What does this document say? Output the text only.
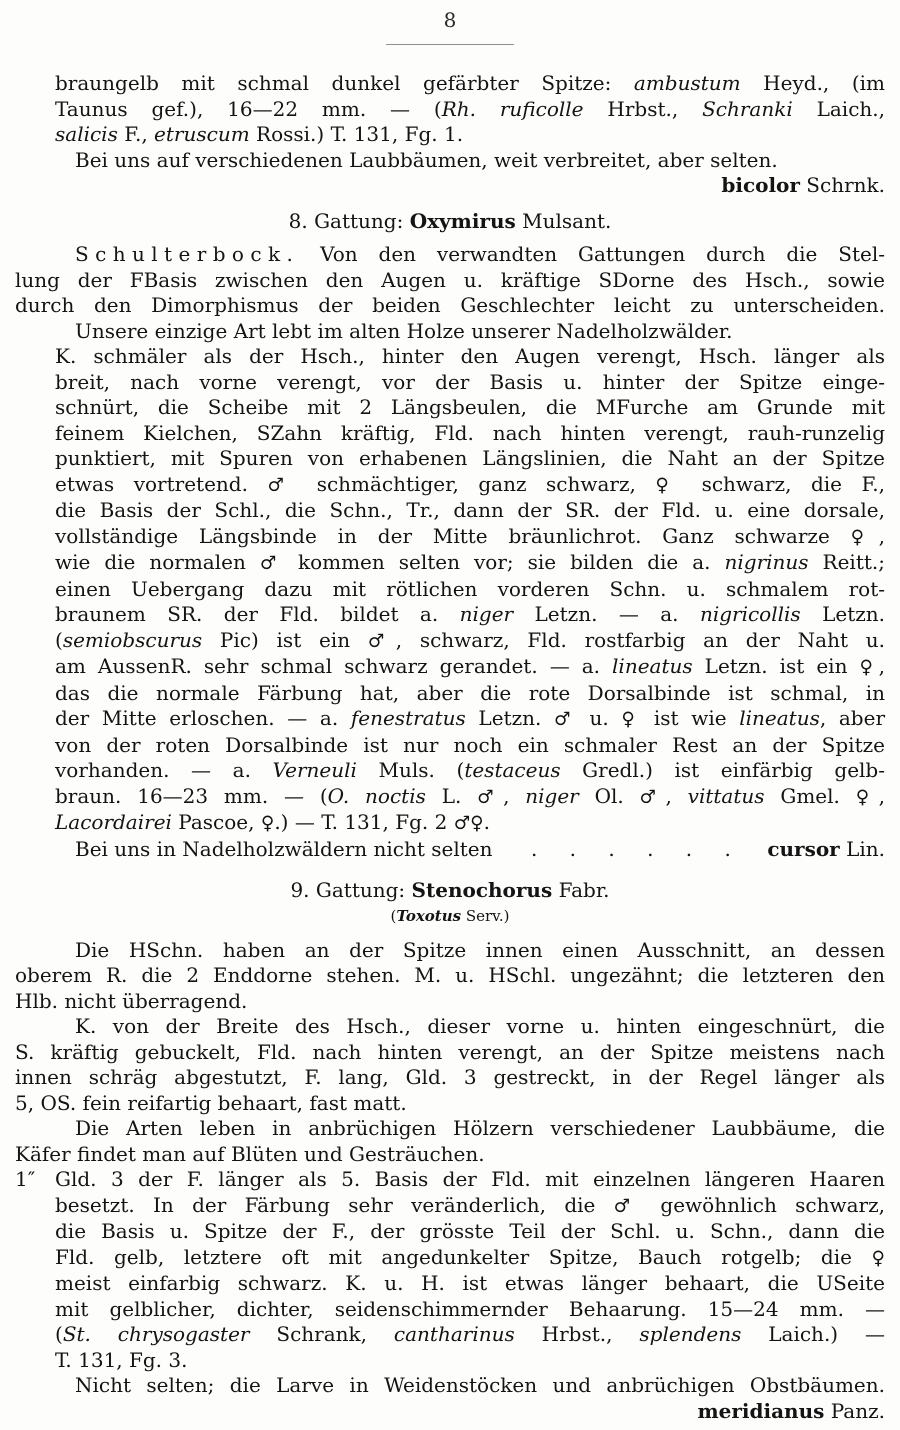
8
braungelb mit schmal dunkel gefärbter Spitze: ambustum Heyd., (im
Taunus gef.), 16—22 mm. — (Rh. ruficolle Hrbst., Schranki Laich.,
salicis F., etruscum Rossi.) T. 131, Fg. 1.
Bei uns auf verschiedenen Laubbäumen, weit verbreitet, aber selten.
bicolor Schrnk.
8. Gattung: Oxymirus Mulsant.
Schulterbock. Von den verwandten Gattungen durch die Stel-
lung der FBasis zwischen den Augen u. kräftige SDorne des Hsch., sowie
durch den Dimorphismus der beiden Geschlechter leicht zu unterscheiden.
Unsere einzige Art lebt im alten Holze unserer Nadelholzwälder.
K. schmäler als der Hsch., hinter den Augen verengt, Hsch. länger als
breit, nach vorne verengt, vor der Basis u. hinter der Spitze einge-
schnürt, die Scheibe mit 2 Längsbeulen, die MFurche am Grunde mit
feinem Kielchen, SZahn kräftig, Fld. nach hinten verengt, rauh-runzelig
punktiert, mit Spuren von erhabenen Längslinien, die Naht an der Spitze
etwas vortretend. ♂ schmächtiger, ganz schwarz, ♀ schwarz, die F.,
die Basis der Schl., die Schn., Tr., dann der SR. der Fld. u. eine dorsale,
vollständige Längsbinde in der Mitte bräunlichrot. Ganz schwarze ♀,
wie die normalen ♂ kommen selten vor; sie bilden die a. nigrinus Reitt.;
einen Uebergang dazu mit rötlichen vorderen Schn. u. schmalem rot-
braunem SR. der Fld. bildet a. niger Letzn. — a. nigricollis Letzn.
(semiobscurus Pic) ist ein ♂, schwarz, Fld. rostfarbig an der Naht u.
am AussenR. sehr schmal schwarz gerandet. — a. lineatus Letzn. ist ein ♀,
das die normale Färbung hat, aber die rote Dorsalbinde ist schmal, in
der Mitte erloschen. — a. fenestratus Letzn. ♂ u. ♀ ist wie lineatus, aber
von der roten Dorsalbinde ist nur noch ein schmaler Rest an der Spitze
vorhanden. — a. Verneuli Muls. (testaceus Gredl.) ist einfärbig gelb-
braun. 16—23 mm. — (O. noctis L. ♂, niger Ol. ♂, vittatus Gmel. ♀,
Lacordairei Pascoe, ♀.) — T. 131, Fg. 2 ♂♀.
Bei uns in Nadelholzwäldern nicht selten	. . . . . .	cursor Lin.
9. Gattung: Stenochorus Fabr.
(Toxotus Serv.)
Die HSchn. haben an der Spitze innen einen Ausschnitt, an dessen
oberem R. die 2 Enddorne stehen. M. u. HSchl. ungezähnt; die letzteren den
Hlb. nicht überragend.
K. von der Breite des Hsch., dieser vorne u. hinten eingeschnürt, die
S. kräftig gebuckelt, Fld. nach hinten verengt, an der Spitze meistens nach
innen schräg abgestutzt, F. lang, Gld. 3 gestreckt, in der Regel länger als
5, OS. fein reifartig behaart, fast matt.
Die Arten leben in anbrüchigen Hölzern verschiedener Laubbäume, die
Käfer findet man auf Blüten und Gesträuchen.
1″ Gld. 3 der F. länger als 5. Basis der Fld. mit einzelnen längeren Haaren
besetzt. In der Färbung sehr veränderlich, die ♂ gewöhnlich schwarz,
die Basis u. Spitze der F., der grösste Teil der Schl. u. Schn., dann die
Fld. gelb, letztere oft mit angedunkelter Spitze, Bauch rotgelb; die ♀
meist einfarbig schwarz. K. u. H. ist etwas länger behaart, die USeite
mit gelblicher, dichter, seidenschimmernder Behaarung. 15—24 mm. —
(St. chrysogaster Schrank, cantharinus Hrbst., splendens Laich.) —
T. 131, Fg. 3.
Nicht selten; die Larve in Weidenstöcken und anbrüchigen Obstbäumen.
meridianus Panz.
